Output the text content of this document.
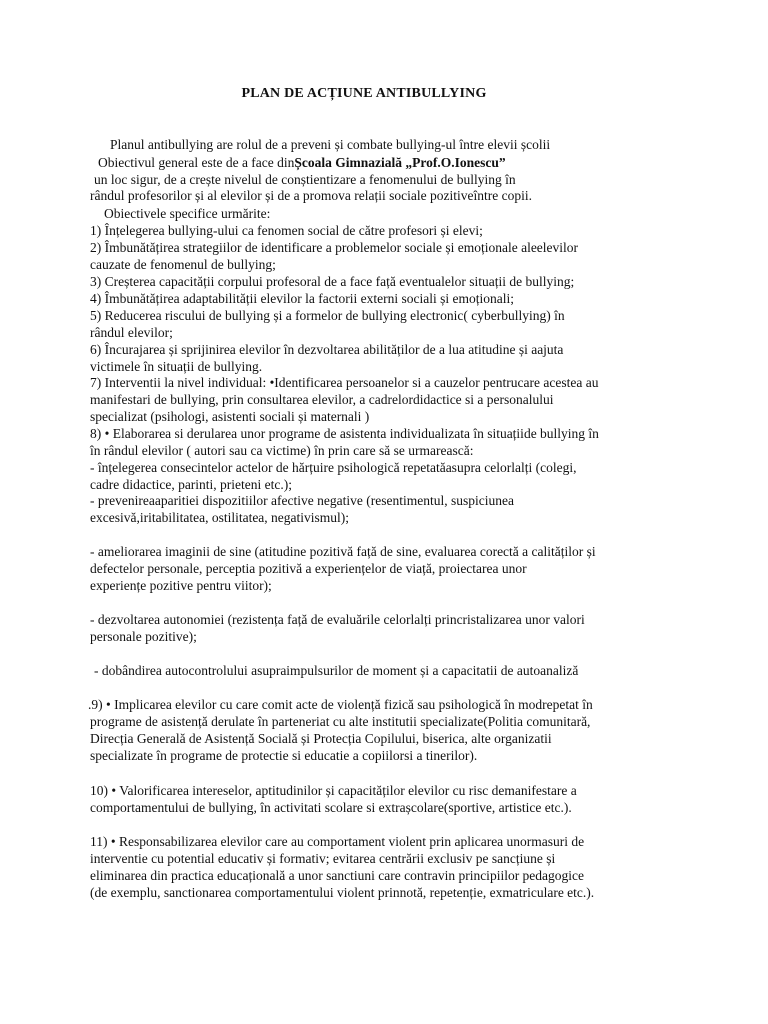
PLAN DE ACȚIUNE ANTIBULLYING
Planul antibullying are rolul de a preveni și combate bullying-ul între elevii școlii
Obiectivul general este de a face dinȘcoala Gimnazială „Prof.O.Ionescu”
un loc sigur, de a crește nivelul de conștientizare a fenomenului de bullying în
rândul profesorilor și al elevilor și de a promova relații sociale pozitiveîntre copii.
Obiectivele specifice urmărite:
1) Înțelegerea bullying-ului ca fenomen social de către profesori și elevi;
2) Îmbunătățirea strategiilor de identificare a problemelor sociale și emoționale aleelevilor
cauzate de fenomenul de bullying;
3) Creșterea capacității corpului profesoral de a face față eventualelor situații de bullying;
4) Îmbunătățirea adaptabilității elevilor la factorii externi sociali și emoționali;
5) Reducerea riscului de bullying și a formelor de bullying electronic( cyberbullying) în
rândul elevilor;
6) Încurajarea și sprijinirea elevilor în dezvoltarea abilităților de a lua atitudine și aajuta
victimele în situații de bullying.
7) Interventii la nivel individual: •Identificarea persoanelor si a cauzelor pentrucare acestea au
manifestari de bullying, prin consultarea elevilor, a cadrelordidactice si a personalului
specializat (psihologi, asistenti sociali și maternali )
8) • Elaborarea si derularea unor programe de asistenta individualizata în situațiide bullying în
în rândul elevilor ( autori sau ca victime) în prin care să se urmarească:
- înțelegerea consecintelor actelor de hărțuire psihologică repetatăasupra celorlalți (colegi,
cadre didactice, parinti, prieteni etc.);
- prevenireaaparitiei dispozitiilor afective negative (resentimentul, suspiciunea
excesivă,iritabilitatea, ostilitatea, negativismul);
- ameliorarea imaginii de sine (atitudine pozitivă față de sine, evaluarea corectă a calităților și
defectelor personale, perceptia pozitivă a experiențelor de viață, proiectarea unor
experiențe pozitive pentru viitor);
- dezvoltarea autonomiei (rezistența față de evaluările celorlalți princristalizarea unor valori
personale pozitive);
- dobândirea autocontrolului asupraimpulsurilor de moment și a capacitatii de autoanaliză
.9) • Implicarea elevilor cu care comit acte de violență fizică sau psihologică în modrepetat în
programe de asistență derulate în parteneriat cu alte institutii specializate(Politia comunitară,
Direcția Generală de Asistență Socială și Protecția Copilului, biserica, alte organizatii
specializate în programe de protectie si educatie a copiilorsi a tinerilor).
10) • Valorificarea intereselor, aptitudinilor și capacităților elevilor cu risc demanifestare a
comportamentului de bullying, în activitati scolare si extrașcolare(sportive, artistice etc.).
11) • Responsabilizarea elevilor care au comportament violent prin aplicarea unormasuri de
interventie cu potential educativ și formativ; evitarea centrării exclusiv pe sancțiune și
eliminarea din practica educațională a unor sanctiuni care contravin principiilor pedagogice
(de exemplu, sanctionarea comportamentului violent prinnotă, repetenție, exmatriculare etc.).
